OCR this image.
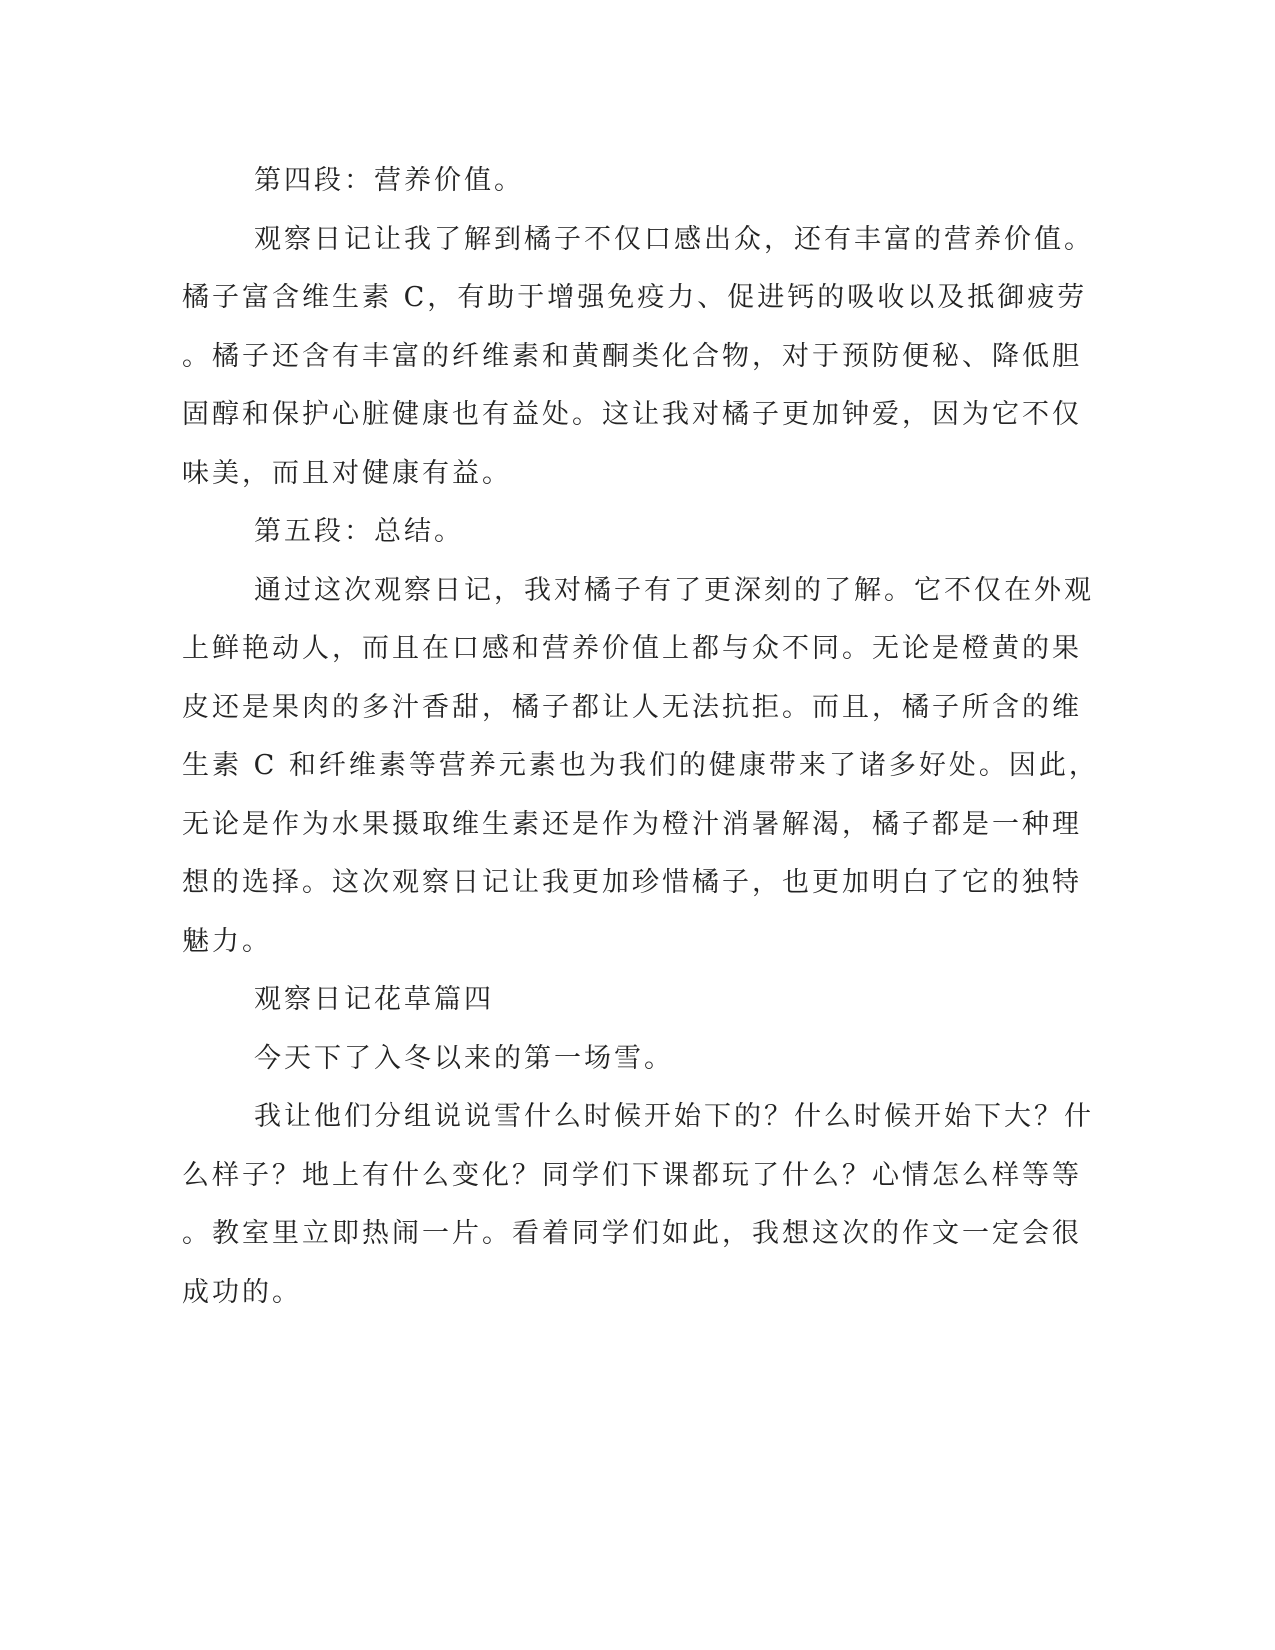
第四段：营养价值。
观察日记让我了解到橘子不仅口感出众，还有丰富的营养价值。
橘子富含维生素 C，有助于增强免疫力、促进钙的吸收以及抵御疲劳
。橘子还含有丰富的纤维素和黄酮类化合物，对于预防便秘、降低胆
固醇和保护心脏健康也有益处。这让我对橘子更加钟爱，因为它不仅
味美，而且对健康有益。
第五段：总结。
通过这次观察日记，我对橘子有了更深刻的了解。它不仅在外观
上鲜艳动人，而且在口感和营养价值上都与众不同。无论是橙黄的果
皮还是果肉的多汁香甜，橘子都让人无法抗拒。而且，橘子所含的维
生素 C 和纤维素等营养元素也为我们的健康带来了诸多好处。因此，
无论是作为水果摄取维生素还是作为橙汁消暑解渴，橘子都是一种理
想的选择。这次观察日记让我更加珍惜橘子，也更加明白了它的独特
魅力。
观察日记花草篇四
今天下了入冬以来的第一场雪。
我让他们分组说说雪什么时候开始下的？什么时候开始下大？什
么样子？地上有什么变化？同学们下课都玩了什么？心情怎么样等等
。教室里立即热闹一片。看着同学们如此，我想这次的作文一定会很
成功的。
